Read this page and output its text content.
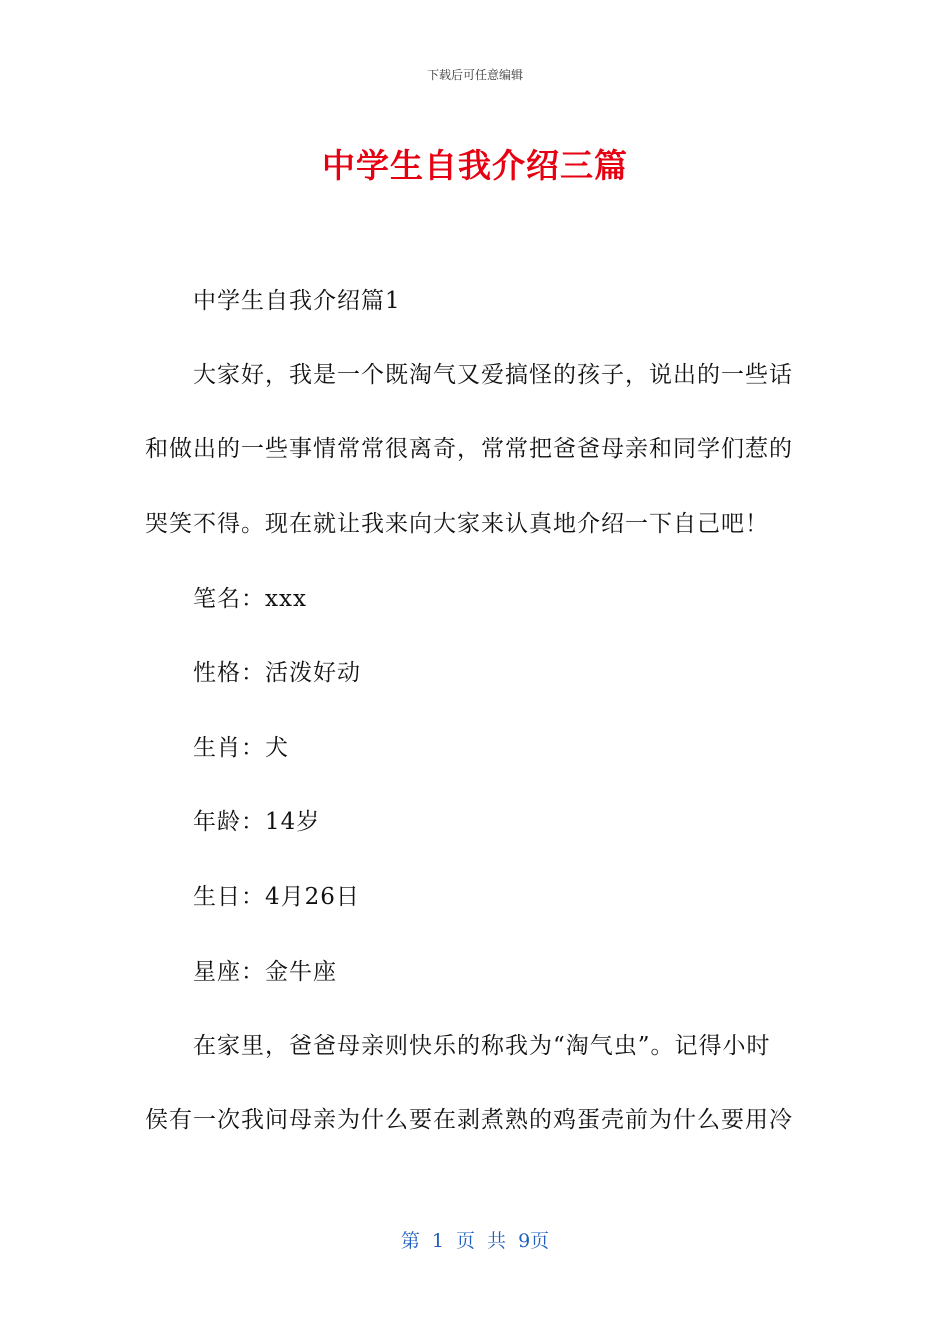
下载后可任意编辑
中学生自我介绍三篇
中学生自我介绍篇1
大家好，我是一个既淘气又爱搞怪的孩子，说出的一些话
和做出的一些事情常常很离奇，常常把爸爸母亲和同学们惹的
哭笑不得。现在就让我来向大家来认真地介绍一下自己吧！
笔名：xxx
性格：活泼好动
生肖：犬
年龄：14岁
生日：4月26日
星座：金牛座
在家里，爸爸母亲则快乐的称我为“淘气虫”。记得小时
侯有一次我问母亲为什么要在剥煮熟的鸡蛋壳前为什么要用冷
第 1 页 共 9页
